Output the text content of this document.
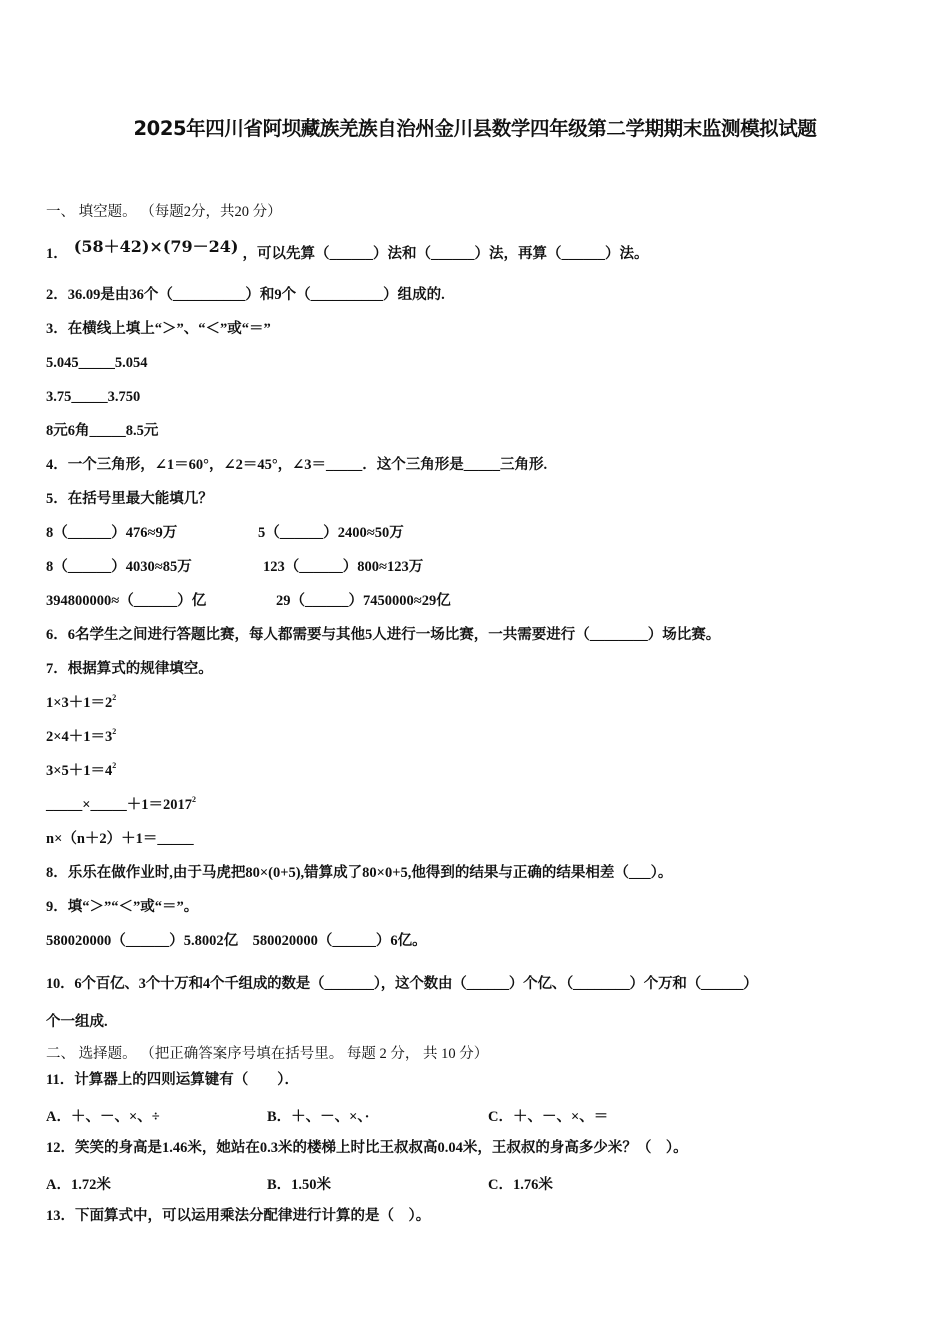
2025年四川省阿坝藏族羌族自治州金川县数学四年级第二学期期末监测模拟试题
一、 填空题。 （每题2分，共20 分）
1． (58＋42)×(79－24) ，可以先算（______）法和（______）法，再算（______）法。
2．36.09是由36个（__________）和9个（__________）组成的.
3．在横线上填上“＞”、“＜”或“＝”
5.045_____5.054
3.75_____3.750
8元6角_____8.5元
4．一个三角形，∠1＝60°，∠2＝45°，∠3＝_____．这个三角形是_____三角形.
5．在括号里最大能填几？
8（______）476≈9万	5（______）2400≈50万
8（______）4030≈85万	123（______）800≈123万
394800000≈（______）亿	29（______）7450000≈29亿
6．6名学生之间进行答题比赛，每人都需要与其他5人进行一场比赛，一共需要进行（________）场比赛。
7．根据算式的规律填空。
$1\times 3+1=2^2$
$2\times 4+1=3^2$
$3\times 5+1=4^2$
$\_\_\_\_\_\times\_\_\_\_\_+1=2017^2$
n×（n＋2）＋1＝_____
8．乐乐在做作业时,由于马虎把80×(0+5),错算成了80×0+5,他得到的结果与正确的结果相差（___）。
9．填“＞”“＜”或“＝”。
580020000（______）5.8002亿　580020000（______）6亿。
10．6个百亿、3个十万和4个千组成的数是（_______），这个数由（______）个亿、（________）个万和（______）
个一组成.
二、 选择题。 （把正确答案序号填在括号里。 每题 2 分， 共 10 分）
11．计算器上的四则运算键有（　　）．
A．＋、－、×、÷	B．＋、－、×、·	C．＋、－、×、＝
12．笑笑的身高是1.46米，她站在0.3米的楼梯上时比王叔叔高0.04米，王叔叔的身高多少米？（　）。
A．1.72米	B．1.50米	C．1.76米
13．下面算式中，可以运用乘法分配律进行计算的是（　）。
